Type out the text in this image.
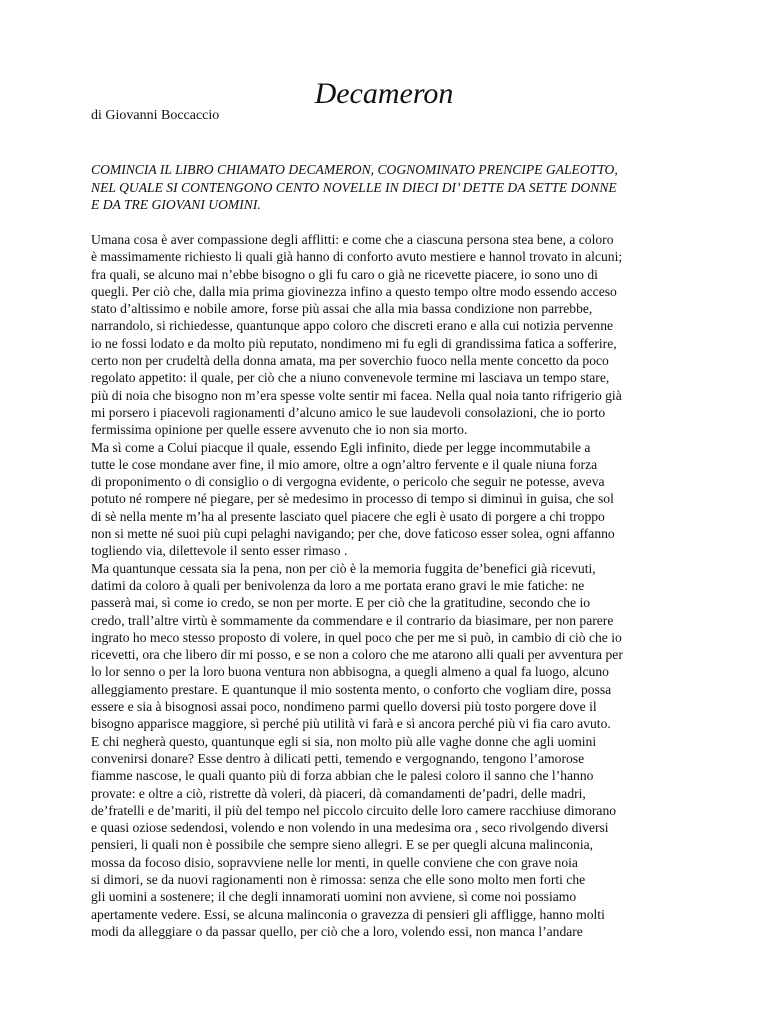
Decameron
di Giovanni Boccaccio
COMINCIA IL LIBRO CHIAMATO DECAMERON, COGNOMINATO PRENCIPE GALEOTTO,
NEL QUALE SI CONTENGONO CENTO NOVELLE IN DIECI DI’ DETTE DA SETTE DONNE
E DA TRE GIOVANI UOMINI.
Umana cosa è aver compassione degli afflitti: e come che a ciascuna persona stea bene, a coloro
è massimamente richiesto li quali già hanno di conforto avuto mestiere e hannol trovato in alcuni;
fra quali, se alcuno mai n’ebbe bisogno o gli fu caro o già ne ricevette piacere, io sono uno di
quegli. Per ciò che, dalla mia prima giovinezza infino a questo tempo oltre modo essendo acceso
stato d’altissimo e nobile amore, forse più assai che alla mia bassa condizione non parrebbe,
narrandolo, si richiedesse, quantunque appo coloro che discreti erano e alla cui notizia pervenne
io ne fossi lodato e da molto più reputato, nondimeno mi fu egli di grandissima fatica a sofferire,
certo non per crudeltà della donna amata, ma per soverchio fuoco nella mente concetto da poco
regolato appetito: il quale, per ciò che a niuno convenevole termine mi lasciava un tempo stare,
più di noia che bisogno non m’era spesse volte sentir mi facea. Nella qual noia tanto rifrigerio già
mi porsero i piacevoli ragionamenti d’alcuno amico le sue laudevoli consolazioni, che io porto
fermissima opinione per quelle essere avvenuto che io non sia morto.
Ma sì come a Colui piacque il quale, essendo Egli infinito, diede per legge incommutabile a
tutte le cose mondane aver fine, il mio amore, oltre a ogn’altro fervente e il quale niuna forza
di proponimento o di consiglio o di vergogna evidente, o pericolo che seguir ne potesse, aveva
potuto né rompere né piegare, per sè medesimo in processo di tempo si diminuì in guisa, che sol
di sè nella mente m’ha al presente lasciato quel piacere che egli è usato di porgere a chi troppo
non si mette né suoi più cupi pelaghi navigando; per che, dove faticoso esser solea, ogni affanno
togliendo via, dilettevole il sento esser rimaso .
Ma quantunque cessata sia la pena, non per ciò è la memoria fuggita de’benefici già ricevuti,
datimi da coloro à quali per benivolenza da loro a me portata erano gravi le mie fatiche: ne
passerà mai, sì come io credo, se non per morte. E per ciò che la gratitudine, secondo che io
credo, trall’altre virtù è sommamente da commendare e il contrario da biasimare, per non parere
ingrato ho meco stesso proposto di volere, in quel poco che per me si può, in cambio di ciò che io
ricevetti, ora che libero dir mi posso, e se non a coloro che me atarono alli quali per avventura per
lo lor senno o per la loro buona ventura non abbisogna, a quegli almeno a qual fa luogo, alcuno
alleggiamento prestare. E quantunque il mio sostenta mento, o conforto che vogliam dire, possa
essere e sia à bisognosi assai poco, nondimeno parmi quello doversi più tosto porgere dove il
bisogno apparisce maggiore, sì perché più utilità vi farà e sì ancora perché più vi fia caro avuto.
E chi negherà questo, quantunque egli si sia, non molto più alle vaghe donne che agli uomini
convenirsi donare? Esse dentro à dilicati petti, temendo e vergognando, tengono l’amorose
fiamme nascose, le quali quanto più di forza abbian che le palesi coloro il sanno che l’hanno
provate: e oltre a ciò, ristrette dà voleri, dà piaceri, dà comandamenti de’padri, delle madri,
de’fratelli e de’mariti, il più del tempo nel piccolo circuito delle loro camere racchiuse dimorano
e quasi oziose sedendosi, volendo e non volendo in una medesima ora , seco rivolgendo diversi
pensieri, li quali non è possibile che sempre sieno allegri. E se per quegli alcuna malinconia,
mossa da focoso disio, sopravviene nelle lor menti, in quelle conviene che con grave noia
si dimori, se da nuovi ragionamenti non è rimossa: senza che elle sono molto men forti che
gli uomini a sostenere; il che degli innamorati uomini non avviene, sì come noi possiamo
apertamente vedere. Essi, se alcuna malinconia o gravezza di pensieri gli affligge, hanno molti
modi da alleggiare o da passar quello, per ciò che a loro, volendo essi, non manca l’andare
